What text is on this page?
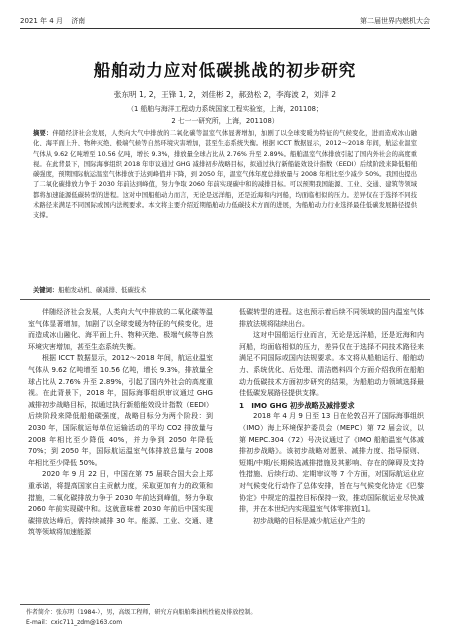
2021 年 4 月 济南	第二届世界内燃机大会
船舶动力应对低碳挑战的初步研究
张东明 1, 2，王锋 1, 2，刘佳彬 2，郝劲松 2，李海波 2，刘洋 2
（1 船舶与海洋工程动力系统国家工程实验室，上海，201108；
2 七一一研究所，上海，201108）
摘要：伴随经济社会发展，人类向大气中排放的二氧化碳等温室气体显著增加，加剧了以全球变暖为特征的气候变化，进而造成冰山融化、海平面上升、物种灭绝、极端气候等自然环境灾害增加，甚至生态系统失衡。根据 ICCT 数据显示，2012～2018 年间，航运业温室气体从 9.62 亿吨增至 10.56 亿吨，增长 9.3%，排放量全球占比从 2.76% 升至 2.89%。船舶温室气体排放引起了国内外社会的高度重视。在此背景下，国际海事组织 2018 年审议通过 GHG 减排初步战略目标，拟通过执行新船能效设计指数（EEDI）后续阶段来降低船舶碳强度，预期国际航运温室气体排放于达到峰值并下降，到 2050 年，温室气体年度总排放量与 2008 年相比至少减少 50%。我国也提出了二氧化碳排放力争于 2030 年前达到峰值，努力争取 2060 年前实现碳中和的减排目标。可以预期我国能源、工业、交通、建筑等领域都将加速能源低碳转型的进程。这对中国船舶动力而言，无论是远洋船，还是近海和内河船，均面临相似的压力。差异仅在于选择不同技术路径来满足不同国际或国内法规要求。本文将主要介绍近期船舶动力低碳技术方面的进展，为船舶动力行业选择最佳低碳发展路径提供支撑。
关键词：船舶发动机、碳减排、低碳技术

伴随经济社会发展，人类向大气中排放的二氧化碳等温室气体显著增加，加剧了以全球变暖为特征的气候变化，进而造成冰山融化、海平面上升、物种灭绝、极端气候等自然环境灾害增加，甚至生态系统失衡。

根据 ICCT 数据显示，2012～2018 年间，航运业温室气体从 9.62 亿吨增至 10.56 亿吨，增长 9.3%，排放量全球占比从 2.76% 升至 2.89%，引起了国内外社会的高度重视。在此背景下，2018 年，国际海事组织审议通过 GHG 减排初步战略目标，拟通过执行新船能效设计指数（EEDI）后续阶段来降低船舶碳强度，战略目标分为两个阶段：到 2030 年，国际航运每单位运输活动的平均 CO2 排放量与 2008 年相比至少降低 40%，并力争到 2050 年降低 70%；到 2050 年，国际航运温室气体排放总量与 2008 年相比至少降低 50%。

2020 年 9 月 22 日，中国在第 75 届联合国大会上郑重承诺，将提高国家自主贡献力度，采取更加有力的政策和措施，二氧化碳排放力争于 2030 年前达到峰值，努力争取 2060 年前实现碳中和。这就意味着 2030 年前后中国实现碳排放达峰后，需持续减排 30 年。能源、工业、交通、建筑等领域将加速能源

低碳转型的进程。这也预示着后续不同领域的国内温室气体排放法规将陆续出台。

这对中国船运行业而言，无论是远洋船，还是近海和内河船，均面临相似的压力，差异仅在于选择不同技术路径来满足不同国际或国内法规要求。本文将从船舶运行、船舶动力、系统优化、后处理、清洁燃料四个方面介绍我所在船舶动力低碳技术方面初步研究的结果，为船舶动力领域选择最佳低碳发展路径提供支撑。

1　IMO GHG 初步战略及减排要求

2018 年 4 月 9 日至 13 日在伦敦召开了国际海事组织（IMO）海上环境保护委员会（MEPC）第 72 届会议，以第 MEPC.304（72）号决议通过了《IMO 船舶温室气体减排初步战略》。该初步战略对愿景、减排力度、指导原则、短期/中期/长期候选减排措施及其影响、存在的障碍及支持性措施、后续行动、定期审议等 7 个方面，对国际航运业应对气候变化行动作了总体安排，旨在与气候变化协定《巴黎协定》中规定的温控目标保持一致，推动国际航运业尽快减排，并在本世纪内实现温室气体零排放[1]。

初步战略的目标是减少航运业产生的

作者简介：张东明（1984-），男，高级工程师，研究方向船舶柴油机性能及排放控制。
E-mail：cxic711_zdm@163.com
